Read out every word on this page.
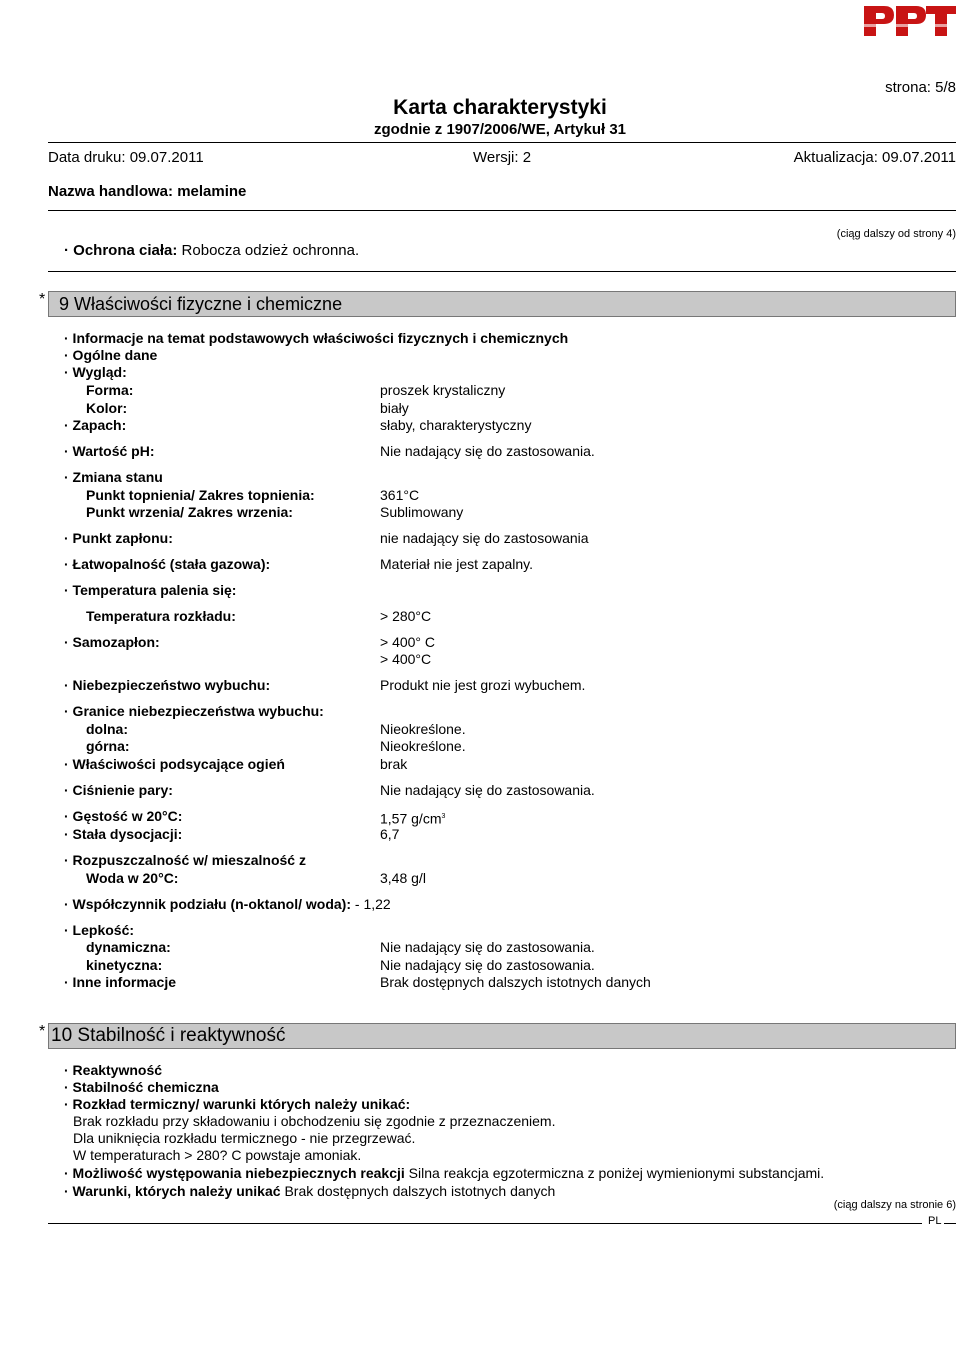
strona: 5/8
Karta charakterystyki
zgodnie z 1907/2006/WE, Artykuł 31
Data druku: 09.07.2011	Wersji: 2	Aktualizacja: 09.07.2011
Nazwa handlowa: melamine
(ciąg dalszy od strony 4)
· Ochrona ciała: Robocza odzież ochronna.
* 9 Właściwości fizyczne i chemiczne
· Informacje na temat podstawowych właściwości fizycznych i chemicznych
· Ogólne dane
· Wygląd:
Forma:	proszek krystaliczny
Kolor:	biały
· Zapach:	słaby, charakterystyczny
· Wartość pH:	Nie nadający się do zastosowania.
· Zmiana stanu
Punkt topnienia/ Zakres topnienia:	361°C
Punkt wrzenia/ Zakres wrzenia:	Sublimowany
· Punkt zapłonu:	nie nadający się do zastosowania
· Łatwopalność (stała gazowa):	Materiał nie jest zapalny.
· Temperatura palenia się:
Temperatura rozkładu:	> 280°C
· Samozapłon:	> 400° C
> 400°C
· Niebezpieczeństwo wybuchu:	Produkt nie jest grozi wybuchem.
· Granice niebezpieczeństwa wybuchu:
dolna:	Nieokreślone.
górna:	Nieokreślone.
· Właściwości podsycające ogień	brak
· Ciśnienie pary:	Nie nadający się do zastosowania.
· Gęstość w 20°C:	1,57 $g/cm^3$
· Stała dysocjacji:	6,7
· Rozpuszczalność w/ mieszalność z
Woda w 20°C:	3,48 g/l
· Współczynnik podziału (n-oktanol/ woda): - 1,22
· Lepkość:
dynamiczna:	Nie nadający się do zastosowania.
kinetyczna:	Nie nadający się do zastosowania.
· Inne informacje	Brak dostępnych dalszych istotnych danych
* 10 Stabilność i reaktywność
· Reaktywność
· Stabilność chemiczna
· Rozkład termiczny/ warunki których należy unikać:
Brak rozkładu przy składowaniu i obchodzeniu się zgodnie z przeznaczeniem.
Dla uniknięcia rozkładu termicznego - nie przegrzewać.
W temperaturach > 280? C powstaje amoniak.
· Możliwość występowania niebezpiecznych reakcji Silna reakcja egzotermiczna z poniżej wymienionymi substancjami.
· Warunki, których należy unikać Brak dostępnych dalszych istotnych danych
(ciąg dalszy na stronie 6)
PL
